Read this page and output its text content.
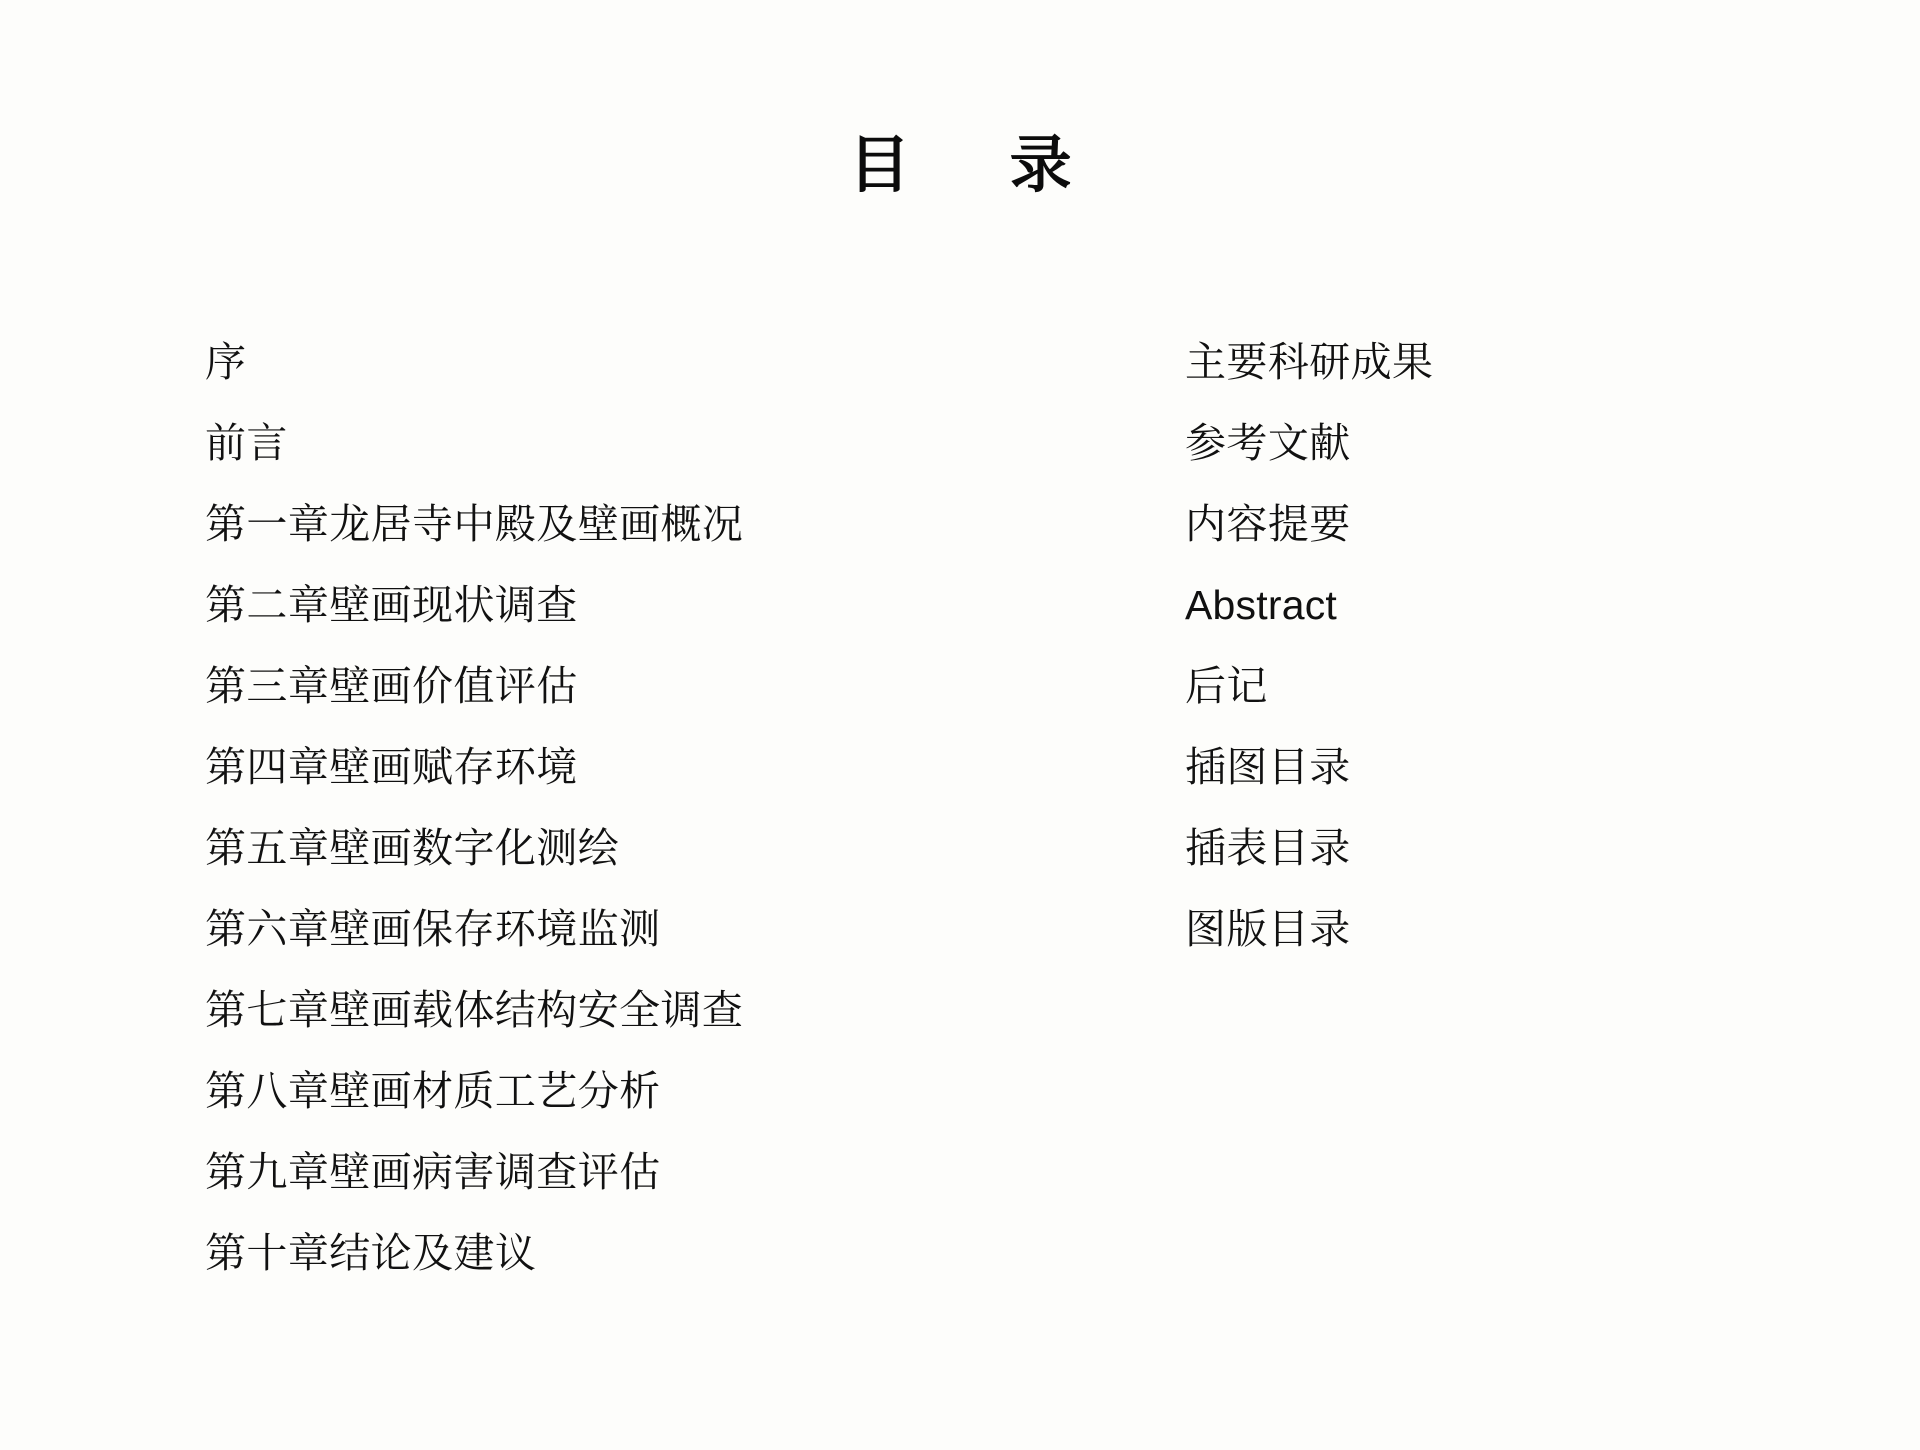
目　录
序
前言
第一章龙居寺中殿及壁画概况
第二章壁画现状调查
第三章壁画价值评估
第四章壁画赋存环境
第五章壁画数字化测绘
第六章壁画保存环境监测
第七章壁画载体结构安全调查
第八章壁画材质工艺分析
第九章壁画病害调查评估
第十章结论及建议
主要科研成果
参考文献
内容提要
Abstract
后记
插图目录
插表目录
图版目录
